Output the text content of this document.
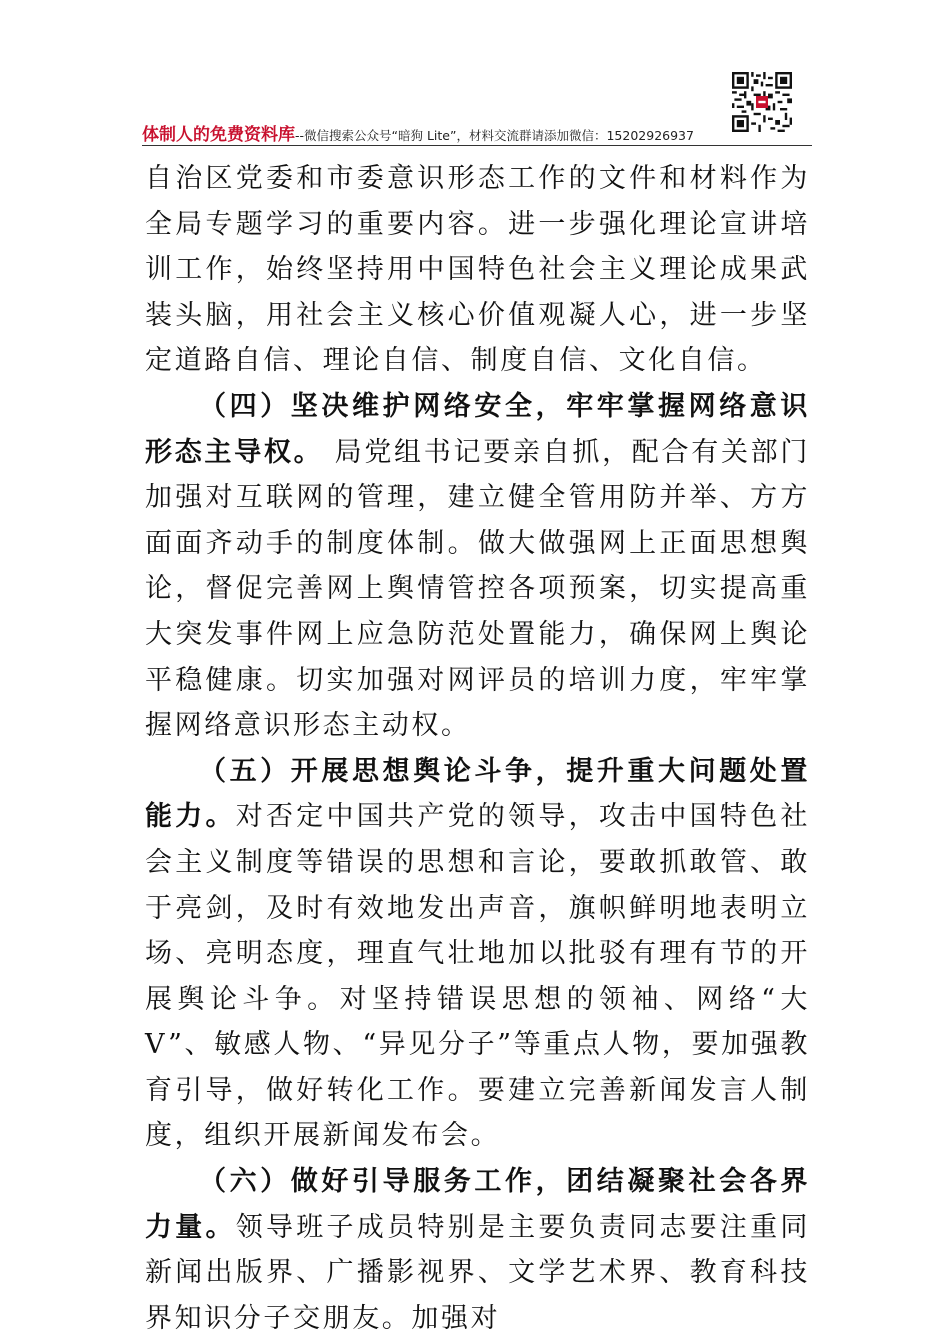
体制人的免费资料库--微信搜索公众号“暗狗 Lite”，材料交流群请添加微信：15202926937

自治区党委和市委意识形态工作的文件和材料作为全局专题学习的重要内容。进一步强化理论宣讲培训工作，始终坚持用中国特色社会主义理论成果武装头脑，用社会主义核心价值观凝人心，进一步坚定道路自信、理论自信、制度自信、文化自信。

（四）坚决维护网络安全，牢牢掌握网络意识形态主导权。 局党组书记要亲自抓，配合有关部门加强对互联网的管理，建立健全管用防并举、方方面面齐动手的制度体制。做大做强网上正面思想舆论，督促完善网上舆情管控各项预案，切实提高重大突发事件网上应急防范处置能力，确保网上舆论平稳健康。切实加强对网评员的培训力度，牢牢掌握网络意识形态主动权。

（五）开展思想舆论斗争，提升重大问题处置能力。对否定中国共产党的领导，攻击中国特色社会主义制度等错误的思想和言论，要敢抓敢管、敢于亮剑，及时有效地发出声音，旗帜鲜明地表明立场、亮明态度，理直气壮地加以批驳有理有节的开展舆论斗争。对坚持错误思想的领袖、网络“大V”、敏感人物、“异见分子”等重点人物，要加强教育引导，做好转化工作。要建立完善新闻发言人制度，组织开展新闻发布会。

（六）做好引导服务工作，团结凝聚社会各界力量。领导班子成员特别是主要负责同志要注重同新闻出版界、广播影视界、文学艺术界、教育科技界知识分子交朋友。加强对
